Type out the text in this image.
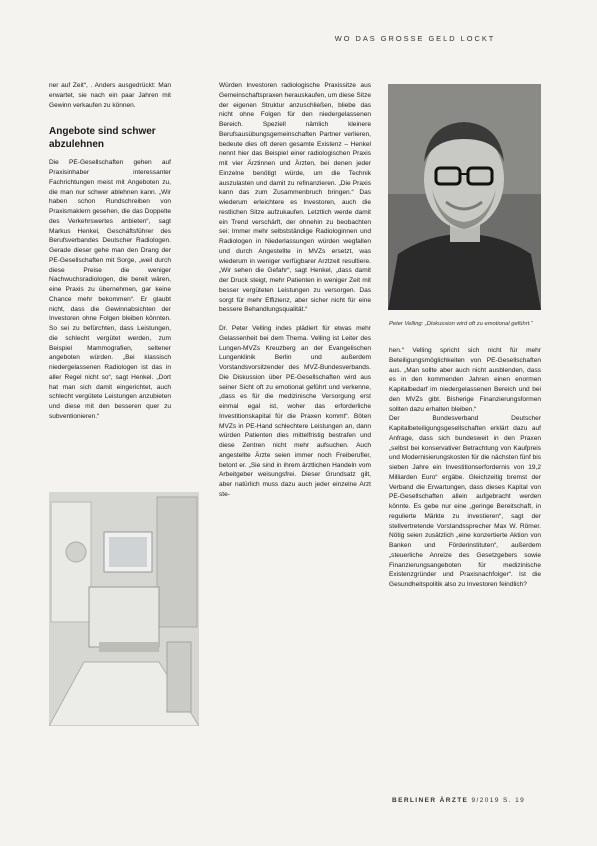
WO DAS GROSSE GELD LOCKT

ner auf Zeit“, . Anders ausgedrückt: Man erwartet, sie nach ein paar Jahren mit Gewinn verkaufen zu können.

Angebote sind schwer abzulehnen

Die PE-Gesellschaften gehen auf Praxisinhaber interessanter Fachrichtungen meist mit Angeboten zu, die man nur schwer ablehnen kann. „Wir haben schon Rundschreiben von Praxismaklern gesehen, die das Doppelte des Verkehrswertes anbieten“, sagt Markus Henkel, Geschäftsführer des Berufsverbandes Deutscher Radiologen. Gerade dieser gehe man den Drang der PE-Gesellschaften mit Sorge, „weil durch diese Preise die weniger Nachwuchsradiologen, die bereit wären, eine Praxis zu übernehmen, gar keine Chance mehr bekommen“. Er glaubt nicht, dass die Gewinnabsichten der Investoren ohne Folgen bleiben könnten. So sei zu befürchten, dass Leistungen, die schlecht vergütet werden, zum Beispiel Mammografien, seltener angeboten würden. „Bei klassisch niedergelassenen Radiologen ist das in aller Regel nicht so“, sagt Henkel. „Dort hat man sich damit eingerichtet, auch schlecht vergütete Leistungen anzubieten und diese mit den besseren quer zu subventionieren.“

Würden Investoren radiologische Praxissitze aus Gemeinschaftspraxen herauskaufen, um diese Sitze der eigenen Struktur anzuschließen, bliebe das nicht ohne Folgen für den niedergelassenen Bereich. Speziell nämlich kleinere Berufsausübungsgemeinschaften Partner verlieren, bedeute dies oft deren gesamte Existenz – Henkel nennt hier das Beispiel einer radiologischen Praxis mit vier Ärztinnen und Ärzten, bei denen jeder Einzelne benötigt würde, um die Technik auszulasten und damit zu refinanzieren. „Die Praxis kann das zum Zusammenbruch bringen.“ Das wiederum erleichtere es Investoren, auch die restlichen Sitze aufzukaufen. Letztlich werde damit ein Trend verschärft, der ohnehin zu beobachten sei: Immer mehr selbstständige Radiologinnen und Radiologen in Niederlassungen würden wegfallen und durch Angestellte in MVZs ersetzt, was wiederum in weniger verfügbarer Arztzeit resultiere. „Wir sehen die Gefahr“, sagt Henkel, „dass damit der Druck steigt, mehr Patienten in weniger Zeit mit besser vergüteten Leistungen zu versorgen. Das sorgt für mehr Effizienz, aber sicher nicht für eine bessere Behandlungsqualität.“

Dr. Peter Velling indes plädiert für etwas mehr Gelassenheit bei dem Thema. Velling ist Leiter des Lungen-MVZs Kreuzberg an der Evangelischen Lungenklinik Berlin und außerdem Vorstandsvorsitzender des MVZ-Bundesverbands. Die Diskussion über PE-Gesellschaften wird aus seiner Sicht oft zu emotional geführt und verkenne, „dass es für die medizinische Versorgung erst einmal egal ist, woher das erforderliche Investitionskapital für die Praxen kommt“. Böten MVZs in PE-Hand schlechtere Leistungen an, dann würden Patienten dies mittelfristig bestrafen und diese Zentren nicht mehr aufsuchen. Auch angestellte Ärzte seien immer noch Freiberufler, betont er. „Sie sind in ihrem ärztlichen Handeln vom Arbeitgeber weisungsfrei. Dieser Grundsatz gilt, aber natürlich muss dazu auch jeder einzelne Arzt ste-

Peter Velling: „Diskussion wird oft zu emotional geführt.“

hen.“ Velling spricht sich nicht für mehr Beteiligungsmöglichkeiten von PE-Gesellschaften aus. „Man sollte aber auch nicht ausblenden, dass es in den kommenden Jahren einen enormen Kapitalbedarf im niedergelassenen Bereich und bei den MVZs gibt. Bisherige Finanzierungsformen sollten dazu erhalten bleiben.“

Der Bundesverband Deutscher Kapitalbeteiligungsgesellschaften erklärt dazu auf Anfrage, dass sich bundesweit in den Praxen „selbst bei konservativer Betrachtung von Kaufpreis und Modernisierungskosten für die nächsten fünf bis sieben Jahre ein Investitionserfordernis von 19,2 Milliarden Euro“ ergäbe. Gleichzeitig bremst der Verband die Erwartungen, dass dieses Kapital von PE-Gesellschaften allein aufgebracht werden könnte. Es gebe nur eine „geringe Bereitschaft, in regulierte Märkte zu investieren“, sagt der stellvertretende Vorstandssprecher Max W. Römer. Nötig seien zusätzlich „eine konzertierte Aktion von Banken und Förderinstituten“, außerdem „steuerliche Anreize des Gesetzgebers sowie Finanzierungsangeboten für medizinische Existenzgründer und Praxisnachfolger“. Ist die Gesundheitspolitik also zu Investoren feindlich?

BERLINER ÄRZTE 9/2019 S. 19
